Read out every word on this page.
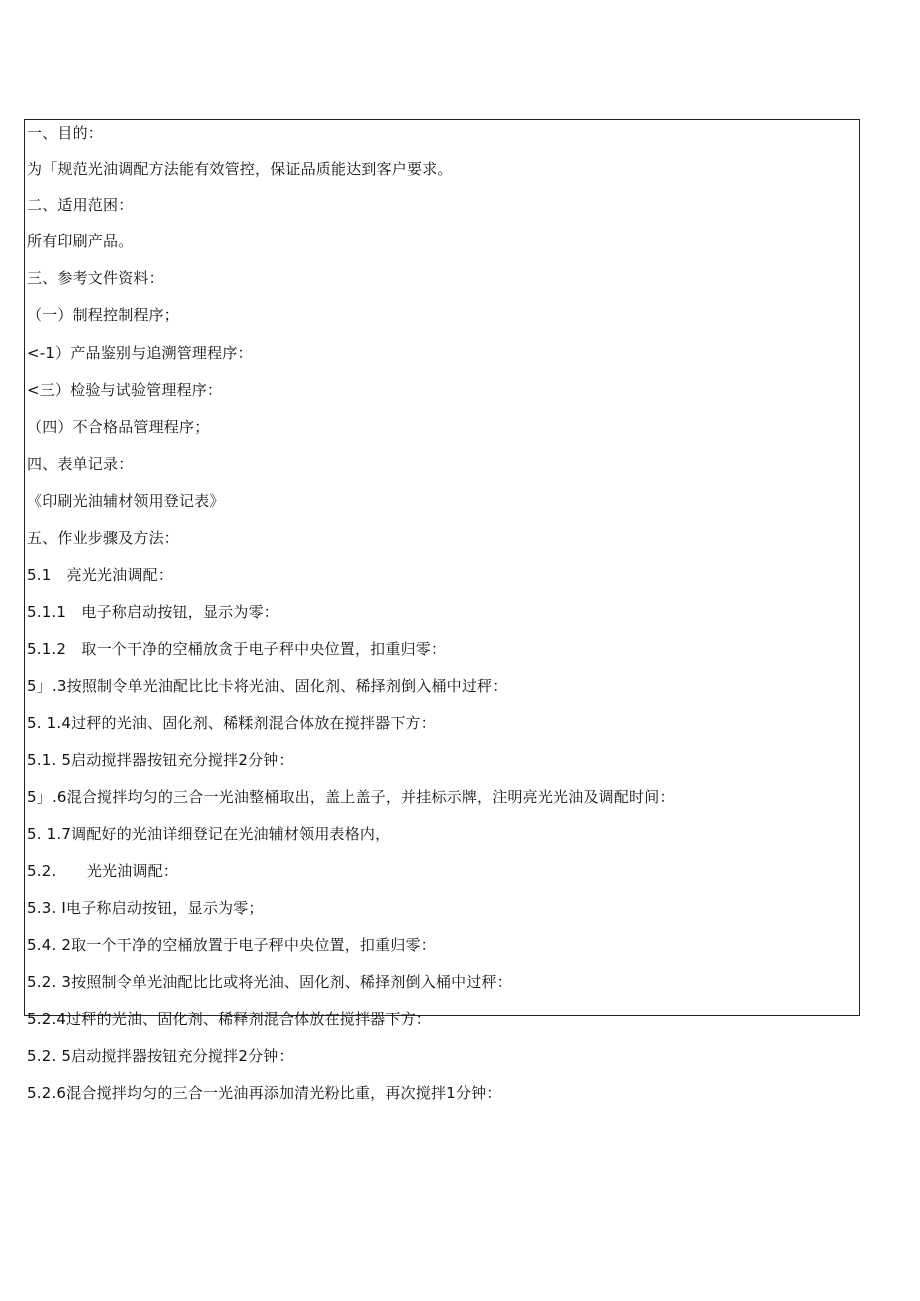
一、目的：
为「规范光油调配方法能有效管控，保证品质能达到客户要求。
二、适用范困：
所有印刷产品。
三、参考文件资料：
（一）制程控制程序；
<-1）产品鉴别与追溯管理程序：
<三）检验与试验管理程序：
（四）不合格品管理程序；
四、表单记录：
《印刷光油辅材领用登记表》
五、作业步骤及方法：
5.1　亮光光油调配：
5.1.1　电子称启动按钮，显示为零：
5.1.2　取一个干净的空桶放贪于电子秤中央位置，扣重归零：
5」.3按照制令单光油配比比卡将光油、固化剂、稀择剂倒入桶中过秤：
5. 1.4过秤的光油、固化剂、稀糅剂混合体放在搅拌器下方：
5.1. 5启动搅拌器按钮充分搅拌2分钟：
5」.6混合搅拌均匀的三合一光油整桶取出，盖上盖子，并挂标示牌，注明亮光光油及调配时间：
5. 1.7调配好的光油详细登记在光油辅材领用表格内，
5.2.　　光光油调配：
5.3. I电子称启动按钮，显示为零；
5.4. 2取一个干净的空桶放置于电子秤中央位置，扣重归零：
5.2. 3按照制令单光油配比比或将光油、固化剂、稀择剂倒入桶中过秤：
5.2.4过秤的光油、固化剂、稀释剂混合体放在搅拌器下方：
5.2. 5启动搅拌器按钮充分搅拌2分钟：
5.2.6混合搅拌均匀的三合一光油再添加清光粉比重，再次搅拌1分钟：
